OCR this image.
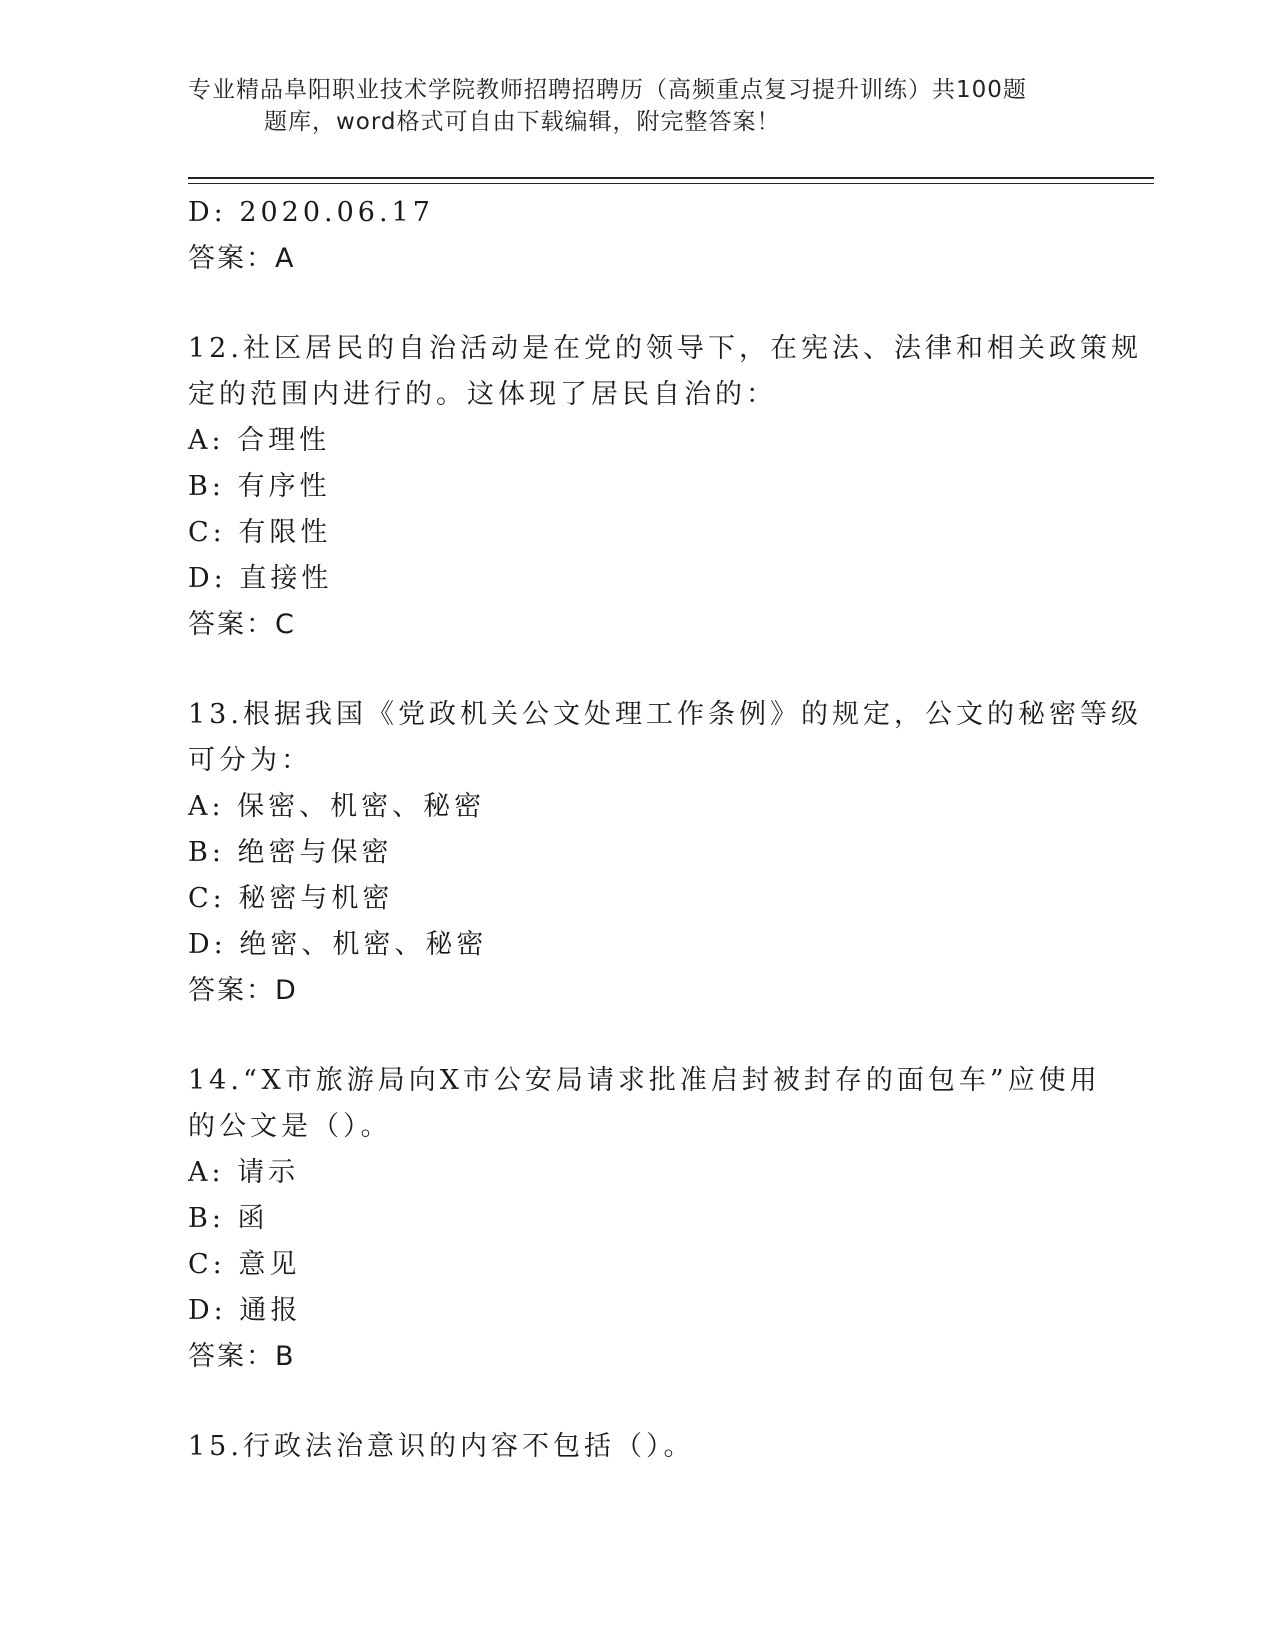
专业精品阜阳职业技术学院教师招聘招聘历（高频重点复习提升训练）共100题
题库，word格式可自由下载编辑，附完整答案！
D: 2020.06.17
答案：A
12.社区居民的自治活动是在党的领导下，在宪法、法律和相关政策规
定的范围内进行的。这体现了居民自治的：
A: 合理性
B: 有序性
C: 有限性
D: 直接性
答案：C
13.根据我国《党政机关公文处理工作条例》的规定，公文的秘密等级
可分为：
A: 保密、机密、秘密
B: 绝密与保密
C: 秘密与机密
D: 绝密、机密、秘密
答案：D
14.“X市旅游局向X市公安局请求批准启封被封存的面包车”应使用
的公文是（）。
A: 请示
B: 函
C: 意见
D: 通报
答案：B
15.行政法治意识的内容不包括（）。
